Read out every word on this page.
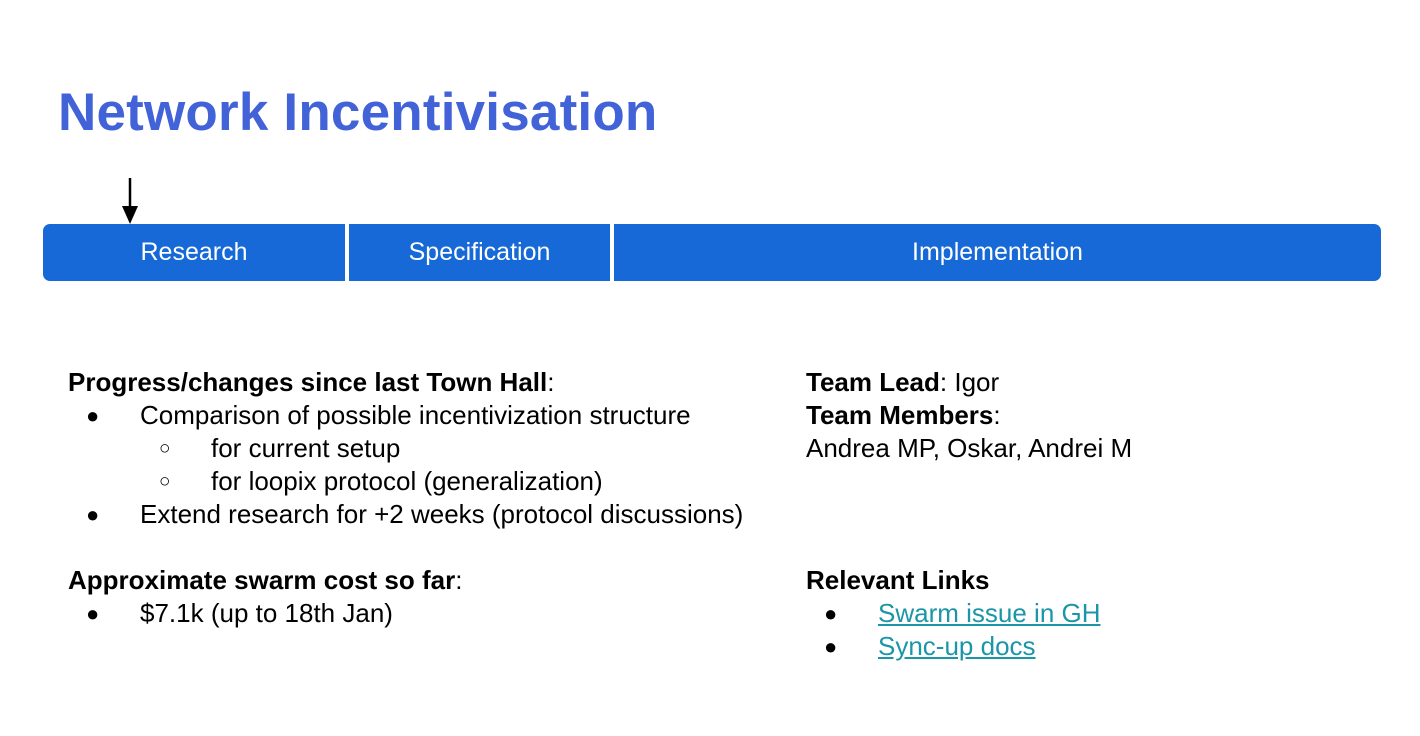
Network Incentivisation
Research	Specification	Implementation
Progress/changes since last Town Hall:
● Comparison of possible incentivization structure
○ for current setup
○ for loopix protocol (generalization)
● Extend research for +2 weeks (protocol discussions)
Approximate swarm cost so far:
● $7.1k (up to 18th Jan)
Team Lead: Igor
Team Members:
Andrea MP, Oskar, Andrei M
Relevant Links
● Swarm issue in GH
● Sync-up docs
